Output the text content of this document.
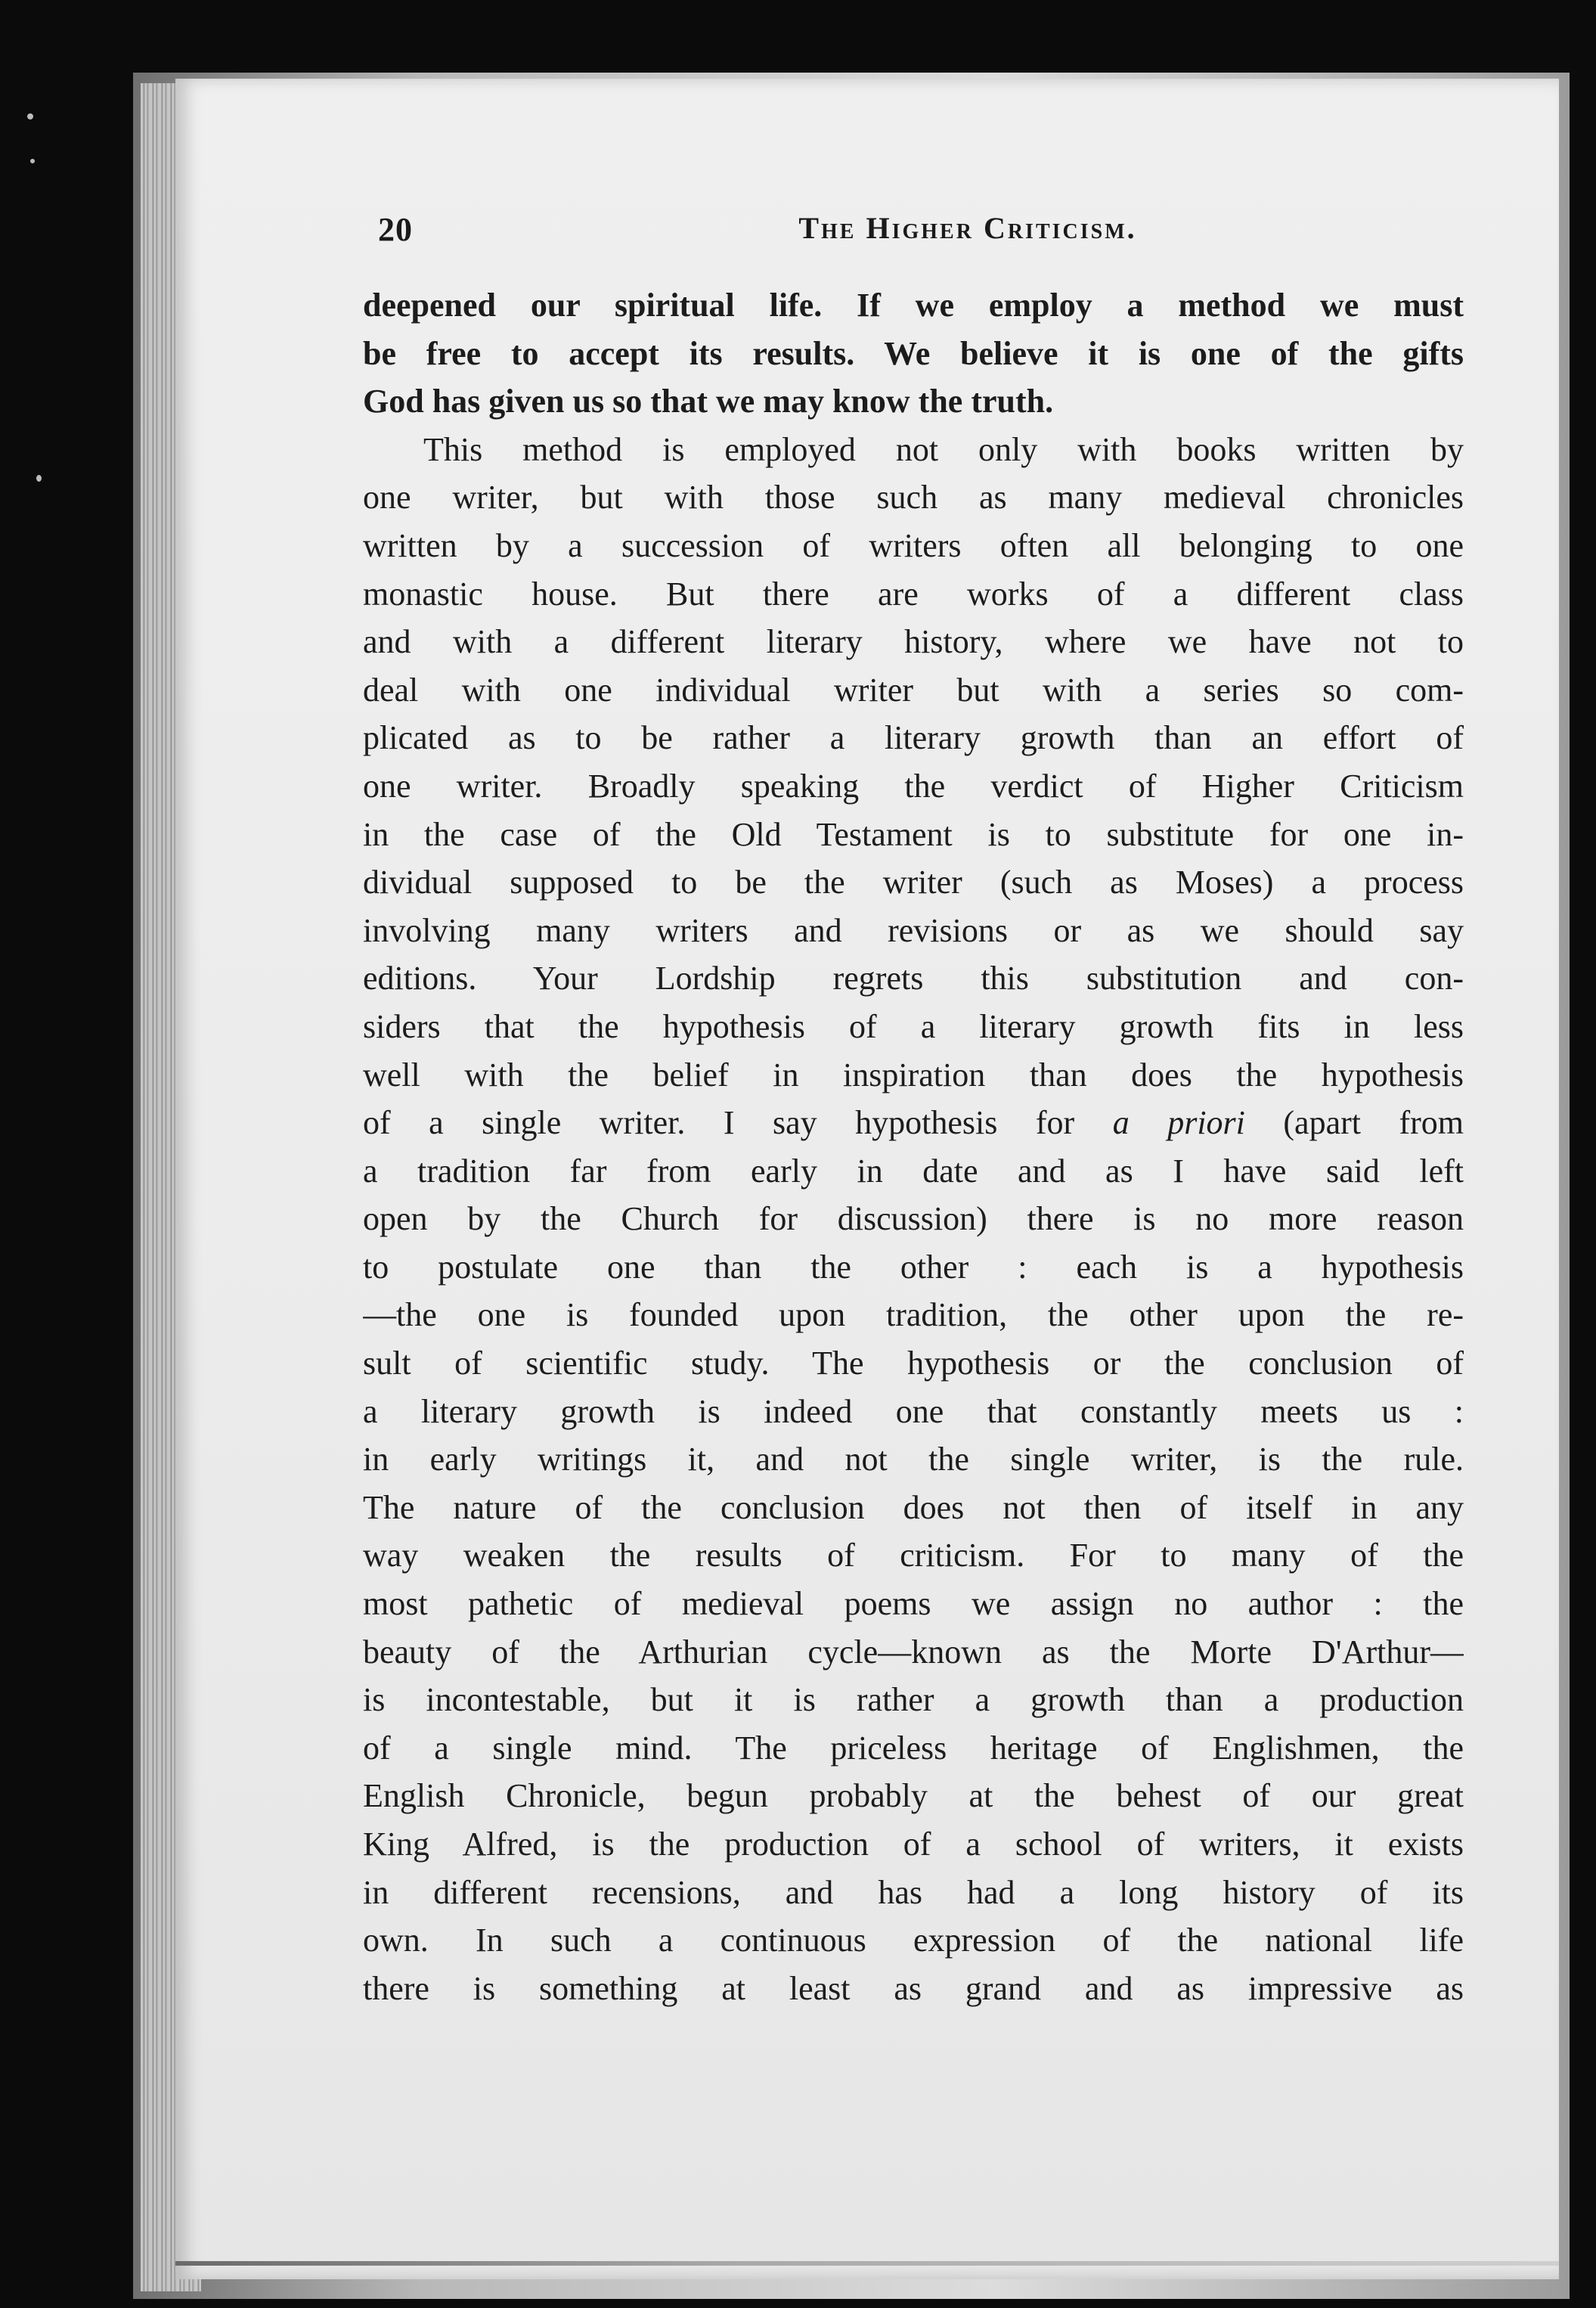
20	The Higher Criticism.
deepened our spiritual life. If we employ a method we must
be free to accept its results. We believe it is one of the gifts
God has given us so that we may know the truth.
This method is employed not only with books written by
one writer, but with those such as many medieval chronicles
written by a succession of writers often all belonging to one
monastic house. But there are works of a different class
and with a different literary history, where we have not to
deal with one individual writer but with a series so com-
plicated as to be rather a literary growth than an effort of
one writer. Broadly speaking the verdict of Higher Criticism
in the case of the Old Testament is to substitute for one in-
dividual supposed to be the writer (such as Moses) a process
involving many writers and revisions or as we should say
editions. Your Lordship regrets this substitution and con-
siders that the hypothesis of a literary growth fits in less
well with the belief in inspiration than does the hypothesis
of a single writer. I say hypothesis for a priori (apart from
a tradition far from early in date and as I have said left
open by the Church for discussion) there is no more reason
to postulate one than the other : each is a hypothesis
—the one is founded upon tradition, the other upon the re-
sult of scientific study. The hypothesis or the conclusion of
a literary growth is indeed one that constantly meets us :
in early writings it, and not the single writer, is the rule.
The nature of the conclusion does not then of itself in any
way weaken the results of criticism. For to many of the
most pathetic of medieval poems we assign no author : the
beauty of the Arthurian cycle—known as the Morte D'Arthur—
is incontestable, but it is rather a growth than a production
of a single mind. The priceless heritage of Englishmen, the
English Chronicle, begun probably at the behest of our great
King Alfred, is the production of a school of writers, it exists
in different recensions, and has had a long history of its
own. In such a continuous expression of the national life
there is something at least as grand and as impressive as
